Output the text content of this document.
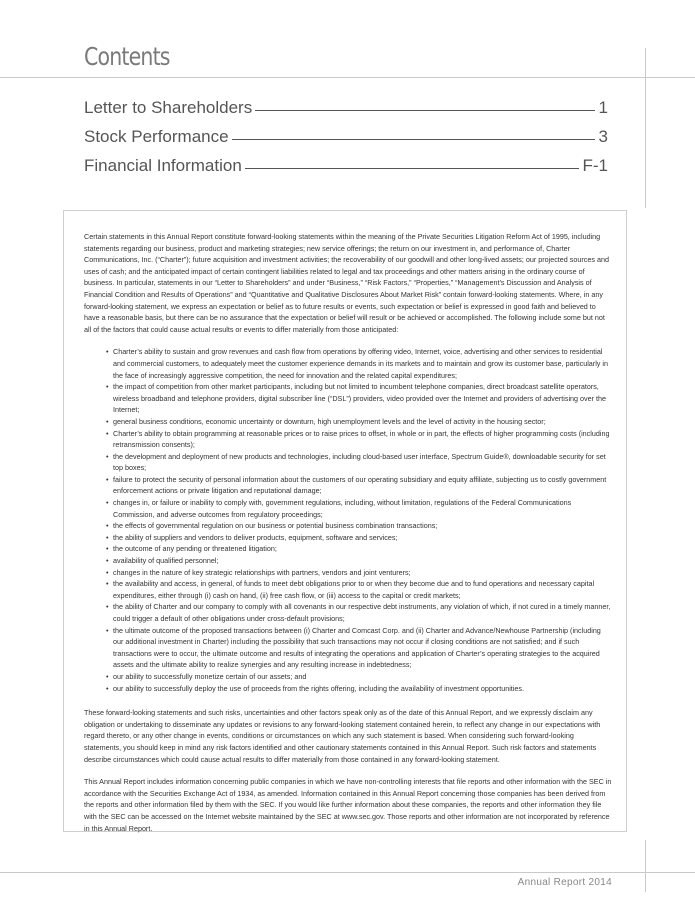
Contents
Letter to Shareholders	1
Stock Performance	3
Financial Information	F-1

Certain statements in this Annual Report constitute forward-looking statements within the meaning of the Private Securities Litigation Reform Act of 1995, including statements regarding our business, product and marketing strategies; new service offerings; the return on our investment in, and performance of, Charter Communications, Inc. (“Charter”); future acquisition and investment activities; the recoverability of our goodwill and other long-lived assets; our projected sources and uses of cash; and the anticipated impact of certain contingent liabilities related to legal and tax proceedings and other matters arising in the ordinary course of business. In particular, statements in our “Letter to Shareholders” and under “Business,” “Risk Factors,” “Properties,” “Management’s Discussion and Analysis of Financial Condition and Results of Operations” and “Quantitative and Qualitative Disclosures About Market Risk” contain forward-looking statements. Where, in any forward-looking statement, we express an expectation or belief as to future results or events, such expectation or belief is expressed in good faith and believed to have a reasonable basis, but there can be no assurance that the expectation or belief will result or be achieved or accomplished. The following include some but not all of the factors that could cause actual results or events to differ materially from those anticipated:

• Charter’s ability to sustain and grow revenues and cash flow from operations by offering video, Internet, voice, advertising and other services to residential and commercial customers, to adequately meet the customer experience demands in its markets and to maintain and grow its customer base, particularly in the face of increasingly aggressive competition, the need for innovation and the related capital expenditures;
• the impact of competition from other market participants, including but not limited to incumbent telephone companies, direct broadcast satellite operators, wireless broadband and telephone providers, digital subscriber line (“DSL”) providers, video provided over the Internet and providers of advertising over the Internet;
• general business conditions, economic uncertainty or downturn, high unemployment levels and the level of activity in the housing sector;
• Charter’s ability to obtain programming at reasonable prices or to raise prices to offset, in whole or in part, the effects of higher programming costs (including retransmission consents);
• the development and deployment of new products and technologies, including cloud-based user interface, Spectrum Guide®, downloadable security for set top boxes;
• failure to protect the security of personal information about the customers of our operating subsidiary and equity affiliate, subjecting us to costly government enforcement actions or private litigation and reputational damage;
• changes in, or failure or inability to comply with, government regulations, including, without limitation, regulations of the Federal Communications Commission, and adverse outcomes from regulatory proceedings;
• the effects of governmental regulation on our business or potential business combination transactions;
• the ability of suppliers and vendors to deliver products, equipment, software and services;
• the outcome of any pending or threatened litigation;
• availability of qualified personnel;
• changes in the nature of key strategic relationships with partners, vendors and joint venturers;
• the availability and access, in general, of funds to meet debt obligations prior to or when they become due and to fund operations and necessary capital expenditures, either through (i) cash on hand, (ii) free cash flow, or (iii) access to the capital or credit markets;
• the ability of Charter and our company to comply with all covenants in our respective debt instruments, any violation of which, if not cured in a timely manner, could trigger a default of other obligations under cross-default provisions;
• the ultimate outcome of the proposed transactions between (i) Charter and Comcast Corp. and (ii) Charter and Advance/Newhouse Partnership (including our additional investment in Charter) including the possibility that such transactions may not occur if closing conditions are not satisfied; and if such transactions were to occur, the ultimate outcome and results of integrating the operations and application of Charter’s operating strategies to the acquired assets and the ultimate ability to realize synergies and any resulting increase in indebtedness;
• our ability to successfully monetize certain of our assets; and
• our ability to successfully deploy the use of proceeds from the rights offering, including the availability of investment opportunities.

These forward-looking statements and such risks, uncertainties and other factors speak only as of the date of this Annual Report, and we expressly disclaim any obligation or undertaking to disseminate any updates or revisions to any forward-looking statement contained herein, to reflect any change in our expectations with regard thereto, or any other change in events, conditions or circumstances on which any such statement is based. When considering such forward-looking statements, you should keep in mind any risk factors identified and other cautionary statements contained in this Annual Report. Such risk factors and statements describe circumstances which could cause actual results to differ materially from those contained in any forward-looking statement.

This Annual Report includes information concerning public companies in which we have non-controlling interests that file reports and other information with the SEC in accordance with the Securities Exchange Act of 1934, as amended. Information contained in this Annual Report concerning those companies has been derived from the reports and other information filed by them with the SEC. If you would like further information about these companies, the reports and other information they file with the SEC can be accessed on the Internet website maintained by the SEC at www.sec.gov. Those reports and other information are not incorporated by reference in this Annual Report.

Annual Report 2014
